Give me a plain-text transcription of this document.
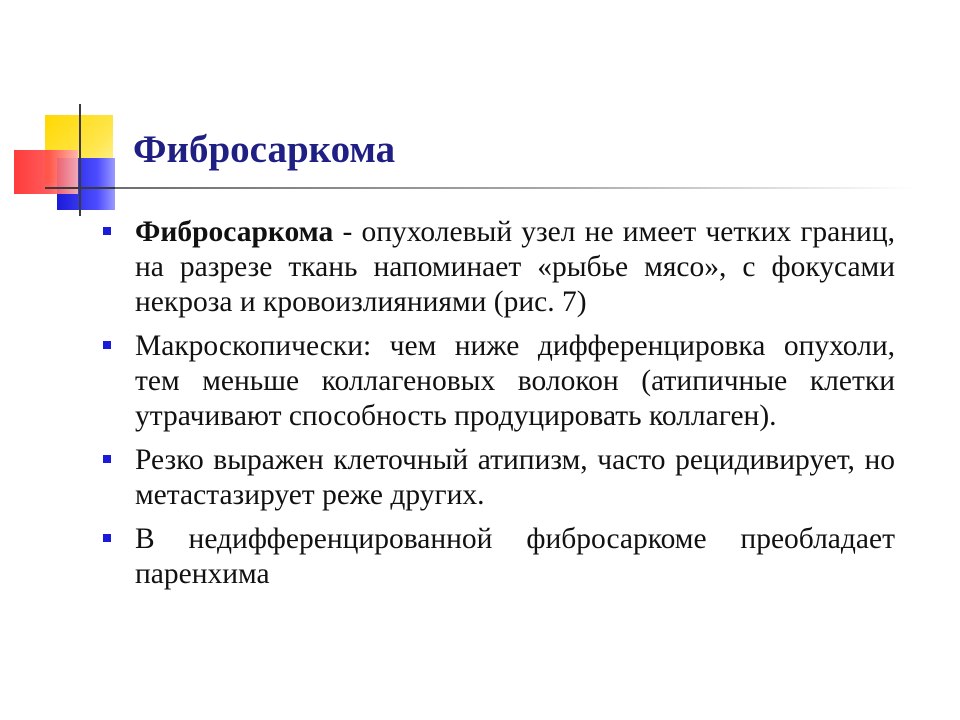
Фибросаркома
Фибросаркома - опухолевый узел не имеет четких границ, на разрезе ткань напоминает «рыбье мясо», с фокусами некроза и кровоизлияниями (рис. 7)
Макроскопически: чем ниже дифференцировка опухоли, тем меньше коллагеновых волокон (атипичные клетки утрачивают способность продуцировать коллаген).
Резко выражен клеточный атипизм, часто рецидивирует, но метастазирует реже других.
В недифференцированной фибросаркоме преобладает паренхима
